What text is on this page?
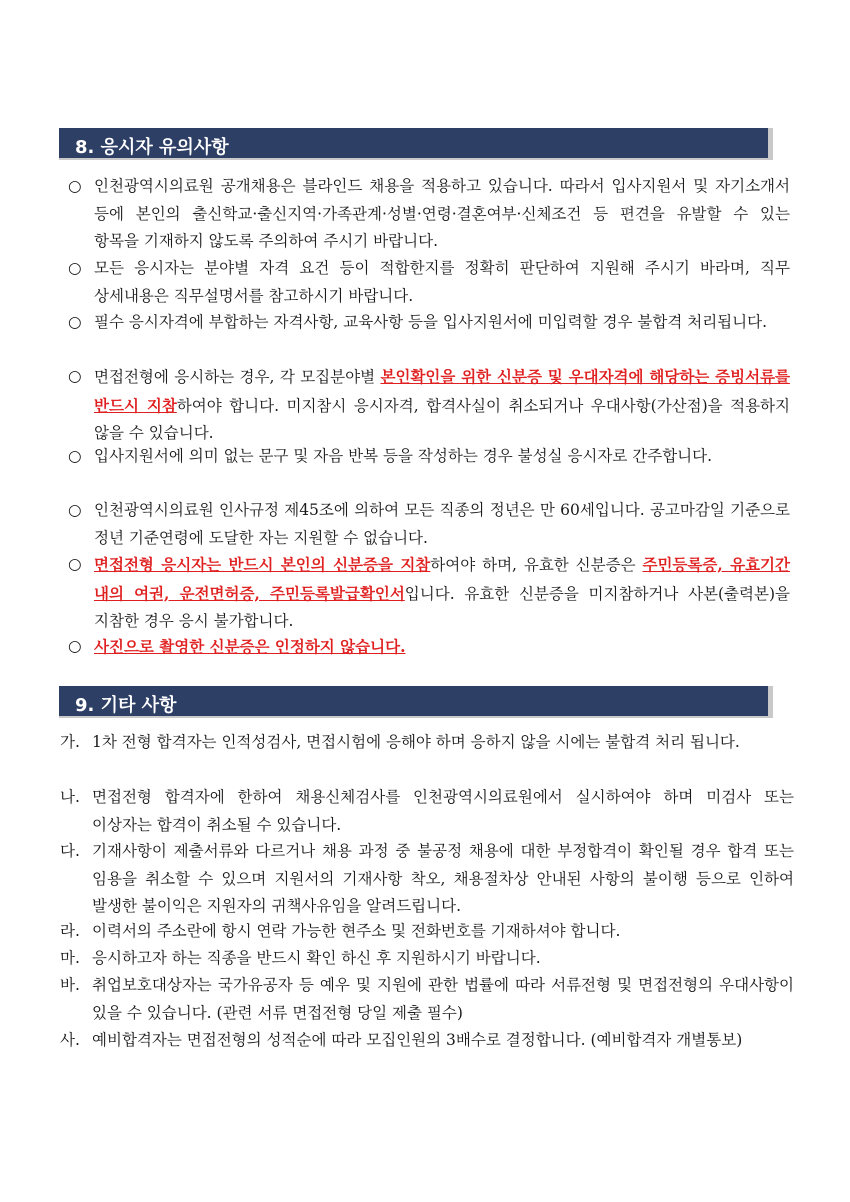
8. 응시자 유의사항
○ 인천광역시의료원 공개채용은 블라인드 채용을 적용하고 있습니다. 따라서 입사지원서 및 자기소개서 등에 본인의 출신학교·출신지역·가족관계·성별·연령·결혼여부·신체조건 등 편견을 유발할 수 있는 항목을 기재하지 않도록 주의하여 주시기 바랍니다.
○ 모든 응시자는 분야별 자격 요건 등이 적합한지를 정확히 판단하여 지원해 주시기 바라며, 직무 상세내용은 직무설명서를 참고하시기 바랍니다.
○ 필수 응시자격에 부합하는 자격사항, 교육사항 등을 입사지원서에 미입력할 경우 불합격 처리됩니다.
○ 면접전형에 응시하는 경우, 각 모집분야별 본인확인을 위한 신분증 및 우대자격에 해당하는 증빙서류를 반드시 지참하여야 합니다. 미지참시 응시자격, 합격사실이 취소되거나 우대사항(가산점)을 적용하지 않을 수 있습니다.
○ 입사지원서에 의미 없는 문구 및 자음 반복 등을 작성하는 경우 불성실 응시자로 간주합니다.
○ 인천광역시의료원 인사규정 제45조에 의하여 모든 직종의 정년은 만 60세입니다. 공고마감일 기준으로 정년 기준연령에 도달한 자는 지원할 수 없습니다.
○ 면접전형 응시자는 반드시 본인의 신분증을 지참하여야 하며, 유효한 신분증은 주민등록증, 유효기간 내의 여권, 운전면허증, 주민등록발급확인서입니다. 유효한 신분증을 미지참하거나 사본(출력본)을 지참한 경우 응시 불가합니다.
○ 사진으로 촬영한 신분증은 인정하지 않습니다.
9. 기타 사항
가. 1차 전형 합격자는 인적성검사, 면접시험에 응해야 하며 응하지 않을 시에는 불합격 처리 됩니다.
나. 면접전형 합격자에 한하여 채용신체검사를 인천광역시의료원에서 실시하여야 하며 미검사 또는 이상자는 합격이 취소될 수 있습니다.
다. 기재사항이 제출서류와 다르거나 채용 과정 중 불공정 채용에 대한 부정합격이 확인될 경우 합격 또는 임용을 취소할 수 있으며 지원서의 기재사항 착오, 채용절차상 안내된 사항의 불이행 등으로 인하여 발생한 불이익은 지원자의 귀책사유임을 알려드립니다.
라. 이력서의 주소란에 항시 연락 가능한 현주소 및 전화번호를 기재하셔야 합니다.
마. 응시하고자 하는 직종을 반드시 확인 하신 후 지원하시기 바랍니다.
바. 취업보호대상자는 국가유공자 등 예우 및 지원에 관한 법률에 따라 서류전형 및 면접전형의 우대사항이 있을 수 있습니다. (관련 서류 면접전형 당일 제출 필수)
사. 예비합격자는 면접전형의 성적순에 따라 모집인원의 3배수로 결정합니다. (예비합격자 개별통보)
